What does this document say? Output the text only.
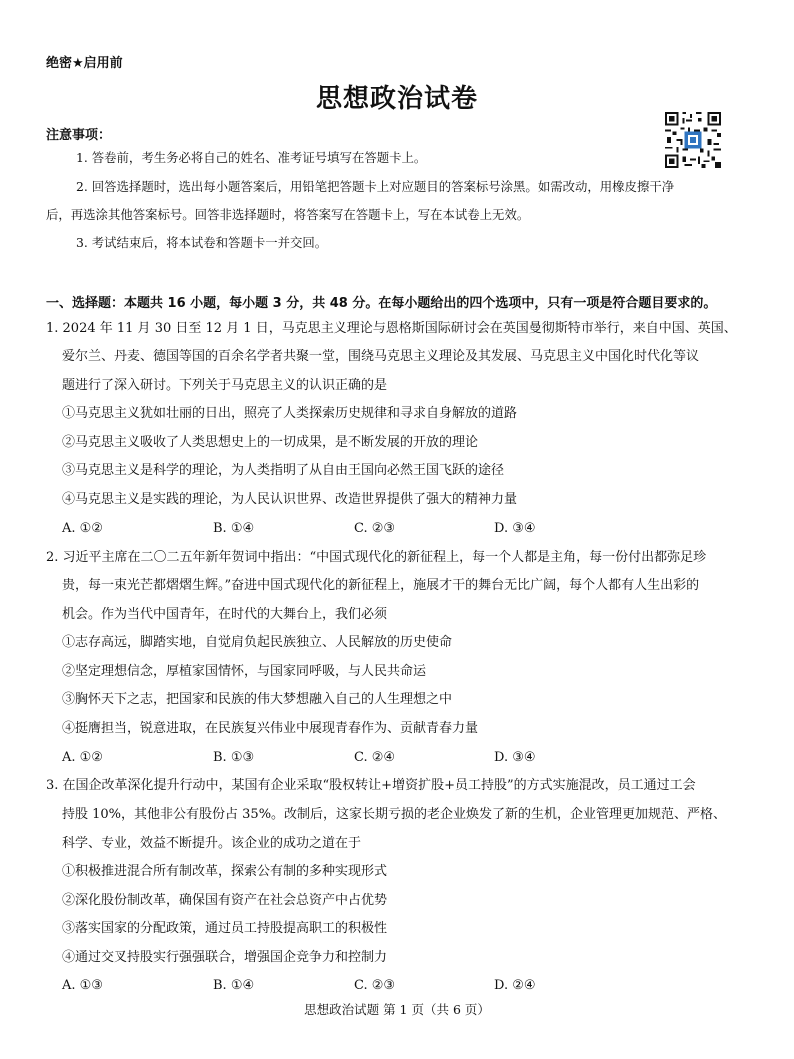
绝密★启用前
思想政治试卷
注意事项：
1. 答卷前，考生务必将自己的姓名、准考证号填写在答题卡上。
2. 回答选择题时，选出每小题答案后，用铅笔把答题卡上对应题目的答案标号涂黑。如需改动，用橡皮擦干净
后，再选涂其他答案标号。回答非选择题时，将答案写在答题卡上，写在本试卷上无效。
3. 考试结束后，将本试卷和答题卡一并交回。
一、选择题：本题共 16 小题，每小题 3 分，共 48 分。在每小题给出的四个选项中，只有一项是符合题目要求的。
1. 2024 年 11 月 30 日至 12 月 1 日，马克思主义理论与恩格斯国际研讨会在英国曼彻斯特市举行，来自中国、英国、
爱尔兰、丹麦、德国等国的百余名学者共聚一堂，围绕马克思主义理论及其发展、马克思主义中国化时代化等议
题进行了深入研讨。下列关于马克思主义的认识正确的是
①马克思主义犹如壮丽的日出，照亮了人类探索历史规律和寻求自身解放的道路
②马克思主义吸收了人类思想史上的一切成果，是不断发展的开放的理论
③马克思主义是科学的理论，为人类指明了从自由王国向必然王国飞跃的途径
④马克思主义是实践的理论，为人民认识世界、改造世界提供了强大的精神力量
A. ①②	B. ①④	C. ②③	D. ③④
2. 习近平主席在二〇二五年新年贺词中指出：“中国式现代化的新征程上，每一个人都是主角，每一份付出都弥足珍
贵，每一束光芒都熠熠生辉。”奋进中国式现代化的新征程上，施展才干的舞台无比广阔，每个人都有人生出彩的
机会。作为当代中国青年，在时代的大舞台上，我们必须
①志存高远，脚踏实地，自觉肩负起民族独立、人民解放的历史使命
②坚定理想信念，厚植家国情怀，与国家同呼吸，与人民共命运
③胸怀天下之志，把国家和民族的伟大梦想融入自己的人生理想之中
④挺膺担当，锐意进取，在民族复兴伟业中展现青春作为、贡献青春力量
A. ①②	B. ①③	C. ②④	D. ③④
3. 在国企改革深化提升行动中，某国有企业采取“股权转让+增资扩股+员工持股”的方式实施混改，员工通过工会
持股 10%，其他非公有股份占 35%。改制后，这家长期亏损的老企业焕发了新的生机，企业管理更加规范、严格、
科学、专业，效益不断提升。该企业的成功之道在于
①积极推进混合所有制改革，探索公有制的多种实现形式
②深化股份制改革，确保国有资产在社会总资产中占优势
③落实国家的分配政策，通过员工持股提高职工的积极性
④通过交叉持股实行强强联合，增强国企竞争力和控制力
A. ①③	B. ①④	C. ②③	D. ②④
思想政治试题 第 1 页（共 6 页）
